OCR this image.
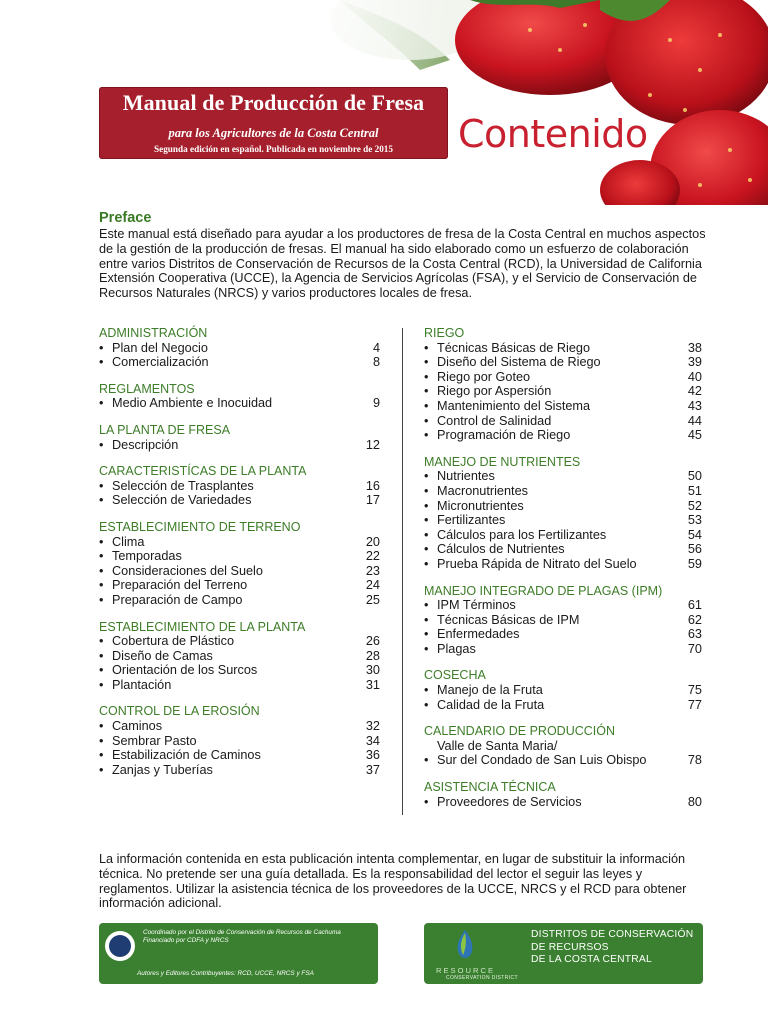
Manual de Producción de Fresa
para los Agricultores de la Costa Central
Segunda edición en español. Publicada en noviembre de 2015	Contenido
Preface
Este manual está diseñado para ayudar a los productores de fresa de la Costa Central en muchos aspectos de la gestión de la producción de fresas. El manual ha sido elaborado como un esfuerzo de colaboración entre varios Distritos de Conservación de Recursos de la Costa Central (RCD), la Universidad de California Extensión Cooperativa (UCCE), la Agencia de Servicios Agrícolas (FSA), y el Servicio de Conservación de Recursos Naturales (NRCS) y varios productores locales de fresa.
ADMINISTRACIÓN
• Plan del Negocio	4
• Comercialización	8
REGLAMENTOS
• Medio Ambiente e Inocuidad	9
LA PLANTA DE FRESA
• Descripción	12
CARACTERISTÍCAS DE LA PLANTA
• Selección de Trasplantes	16
• Selección de Variedades	17
ESTABLECIMIENTO DE TERRENO
• Clima	20
• Temporadas	22
• Consideraciones del Suelo	23
• Preparación del Terreno	24
• Preparación de Campo	25
ESTABLECIMIENTO DE LA PLANTA
• Cobertura de Plástico	26
• Diseño de Camas	28
• Orientación de los Surcos	30
• Plantación	31
CONTROL DE LA EROSIÓN
• Caminos	32
• Sembrar Pasto	34
• Estabilización de Caminos	36
• Zanjas y Tuberías	37
RIEGO
• Técnicas Básicas de Riego	38
• Diseño del Sistema de Riego	39
• Riego por Goteo	40
• Riego por Aspersión	42
• Mantenimiento del Sistema	43
• Control de Salinidad	44
• Programación de Riego	45
MANEJO DE NUTRIENTES
• Nutrientes	50
• Macronutrientes	51
• Micronutrientes	52
• Fertilizantes	53
• Cálculos para los Fertilizantes	54
• Cálculos de Nutrientes	56
• Prueba Rápida de Nitrato del Suelo	59
MANEJO INTEGRADO DE PLAGAS (IPM)
• IPM Términos	61
• Técnicas Básicas de IPM	62
• Enfermedades	63
• Plagas	70
COSECHA
• Manejo de la Fruta	75
• Calidad de la Fruta	77
CALENDARIO DE PRODUCCIÓN
•
Valle de Santa Maria/
Sur del Condado de San Luis Obispo	78
ASISTENCIA TÉCNICA
• Proveedores de Servicios	80
La información contenida en esta publicación intenta complementar, en lugar de substituir la información técnica. No pretende ser una guía detallada. Es la responsabilidad del lector el seguir las leyes y reglamentos. Utilizar la asistencia técnica de los proveedores de la UCCE, NRCS y el RCD para obtener información adicional.
Coordinado por el Distrito de Conservación de Recursos de Cachuma
Financiado por CDFA y NRCS
Autores y Editores Contribuyentes: RCD, UCCE, NRCS y FSA	RESOURCE
CONSERVATION DISTRICT
DISTRITOS DE CONSERVACIÓN
DE RECURSOS
DE LA COSTA CENTRAL
